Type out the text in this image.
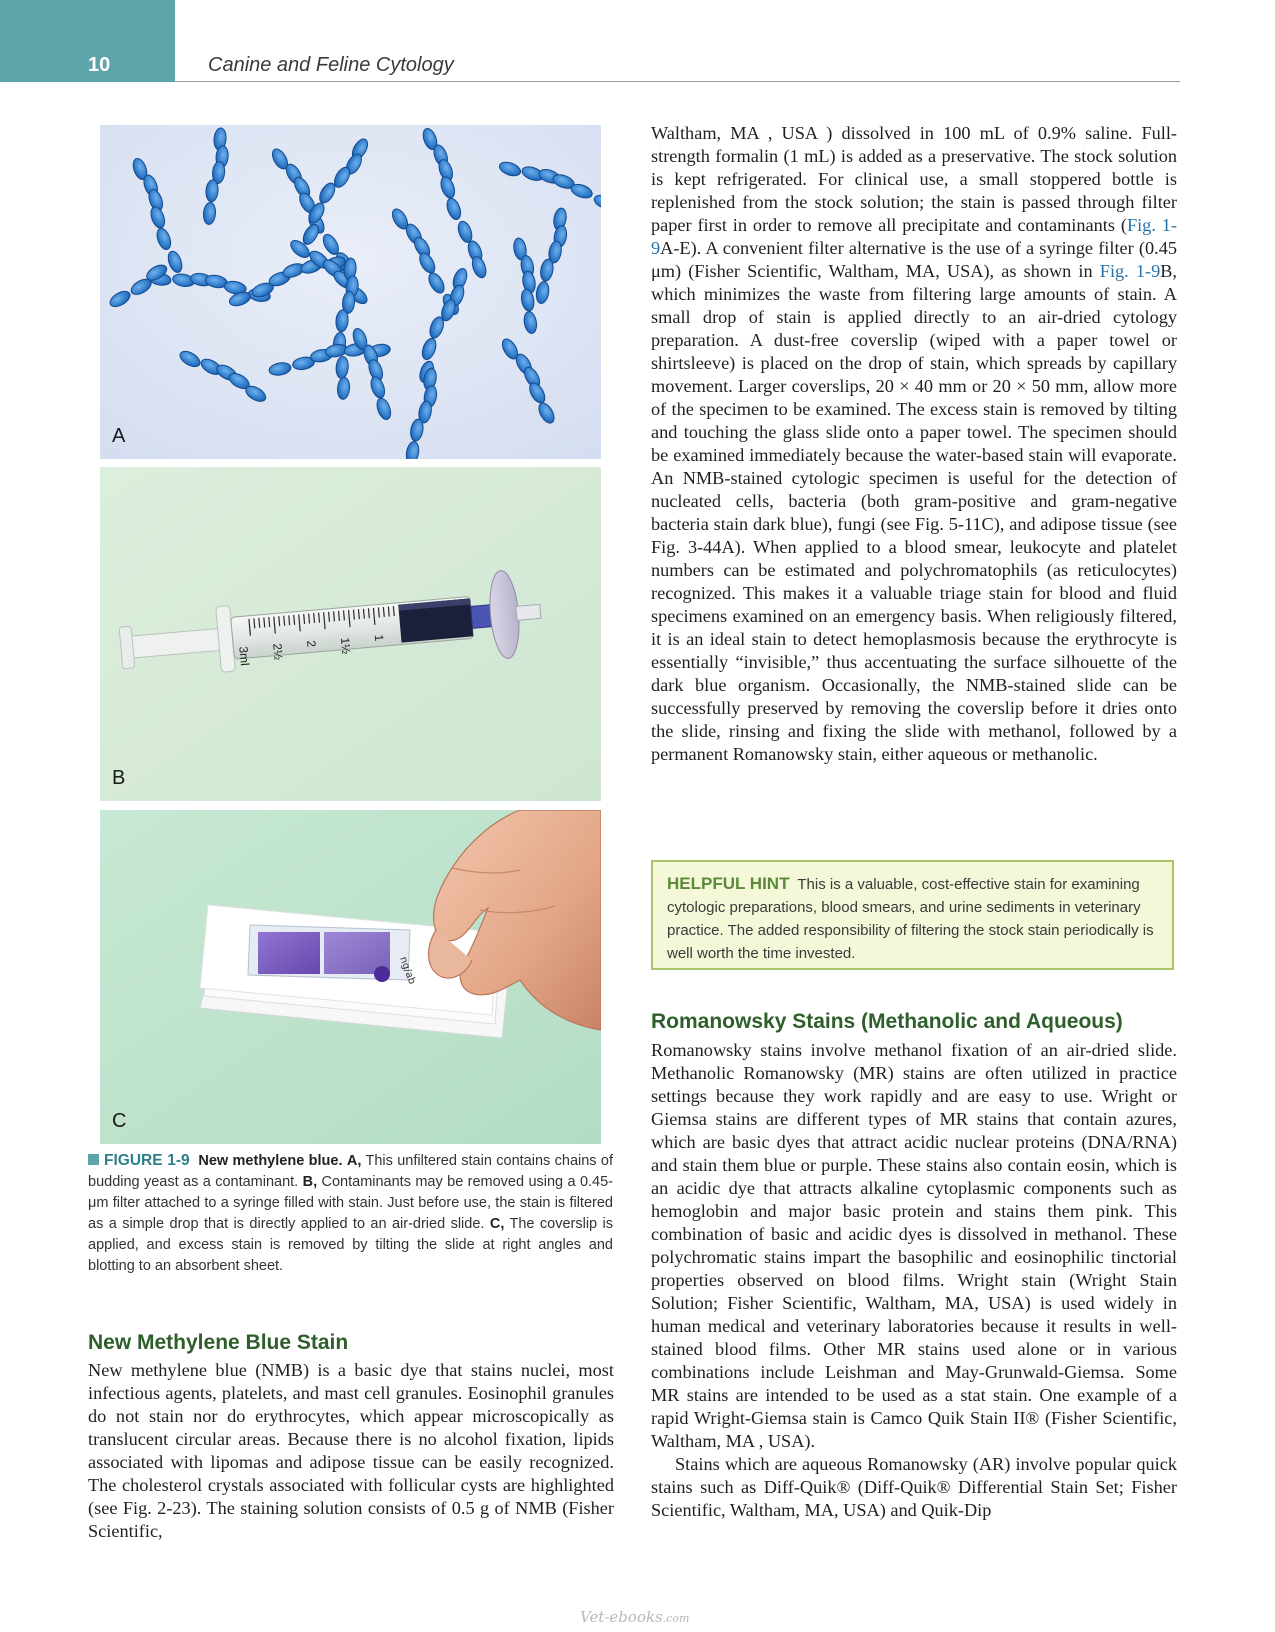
10	Canine and Feline Cytology
A
3ml 2½ 2 1½ 1
B
ng/ab
C
FIGURE 1-9 New methylene blue. A, This unfiltered stain contains chains of budding yeast as a contaminant. B, Contaminants may be removed using a 0.45-μm filter attached to a syringe filled with stain. Just before use, the stain is filtered as a simple drop that is directly applied to an air-dried slide. C, The coverslip is applied, and excess stain is removed by tilting the slide at right angles and blotting to an absorbent sheet.
New Methylene Blue Stain

New methylene blue (NMB) is a basic dye that stains nuclei, most infectious agents, platelets, and mast cell granules. Eosinophil granules do not stain nor do erythrocytes, which appear microscopically as translucent circular areas. Because there is no alcohol fixation, lipids associated with lipomas and adipose tissue can be easily recognized. The cholesterol crystals associated with follicular cysts are highlighted (see Fig. 2-23). The staining solution consists of 0.5 g of NMB (Fisher Scientific,

Waltham, MA , USA ) dissolved in 100 mL of 0.9% saline. Full-strength formalin (1 mL) is added as a preservative. The stock solution is kept refrigerated. For clinical use, a small stoppered bottle is replenished from the stock solution; the stain is passed through filter paper first in order to remove all precipitate and contaminants (Fig. 1-9A-E). A convenient filter alternative is the use of a syringe filter (0.45 μm) (Fisher Scientific, Waltham, MA, USA), as shown in Fig. 1-9B, which minimizes the waste from filtering large amounts of stain. A small drop of stain is applied directly to an air-dried cytology preparation. A dust-free coverslip (wiped with a paper towel or shirtsleeve) is placed on the drop of stain, which spreads by capillary movement. Larger coverslips, 20 × 40 mm or 20 × 50 mm, allow more of the specimen to be examined. The excess stain is removed by tilting and touching the glass slide onto a paper towel. The specimen should be examined immediately because the water-based stain will evaporate. An NMB-stained cytologic specimen is useful for the detection of nucleated cells, bacteria (both gram-positive and gram-negative bacteria stain dark blue), fungi (see Fig. 5-11C), and adipose tissue (see Fig. 3-44A). When applied to a blood smear, leukocyte and platelet numbers can be estimated and polychromatophils (as reticulocytes) recognized. This makes it a valuable triage stain for blood and fluid specimens examined on an emergency basis. When religiously filtered, it is an ideal stain to detect hemoplasmosis because the erythrocyte is essentially “invisible,” thus accentuating the surface silhouette of the dark blue organism. Occasionally, the NMB-stained slide can be successfully preserved by removing the coverslip before it dries onto the slide, rinsing and fixing the slide with methanol, followed by a permanent Romanowsky stain, either aqueous or methanolic.

HELPFUL HINT This is a valuable, cost-effective stain for examining cytologic preparations, blood smears, and urine sediments in veterinary practice. The added responsibility of filtering the stock stain periodically is well worth the time invested.
Romanowsky Stains (Methanolic and Aqueous)

Romanowsky stains involve methanol fixation of an air-dried slide. Methanolic Romanowsky (MR) stains are often utilized in practice settings because they work rapidly and are easy to use. Wright or Giemsa stains are different types of MR stains that contain azures, which are basic dyes that attract acidic nuclear proteins (DNA/RNA) and stain them blue or purple. These stains also contain eosin, which is an acidic dye that attracts alkaline cytoplasmic components such as hemoglobin and major basic protein and stains them pink. This combination of basic and acidic dyes is dissolved in methanol. These polychromatic stains impart the basophilic and eosinophilic tinctorial properties observed on blood films. Wright stain (Wright Stain Solution; Fisher Scientific, Waltham, MA, USA) is used widely in human medical and veterinary laboratories because it results in well-stained blood films. Other MR stains used alone or in various combinations include Leishman and May-Grunwald-Giemsa. Some MR stains are intended to be used as a stat stain. One example of a rapid Wright-Giemsa stain is Camco Quik Stain II® (Fisher Scientific, Waltham, MA , USA).

Stains which are aqueous Romanowsky (AR) involve popular quick stains such as Diff-Quik® (Diff-Quik® Differential Stain Set; Fisher Scientific, Waltham, MA, USA) and Quik-Dip

Vet-ebooks.com
